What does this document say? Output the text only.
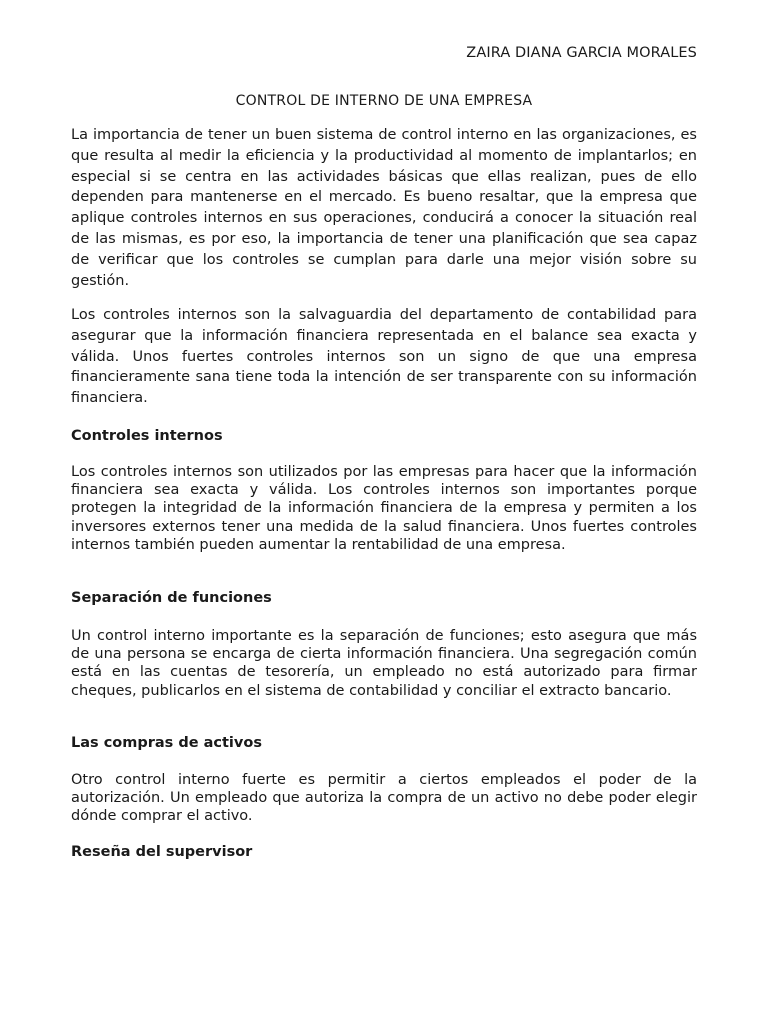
ZAIRA DIANA GARCIA MORALES
CONTROL DE INTERNO DE UNA EMPRESA

La importancia de tener un buen sistema de control interno en las organizaciones, es que resulta al medir la eficiencia y la productividad al momento de implantarlos; en especial si se centra en las actividades básicas que ellas realizan, pues de ello dependen para mantenerse en el mercado. Es bueno resaltar, que la empresa que aplique controles internos en sus operaciones, conducirá a conocer la situación real de las mismas, es por eso, la importancia de tener una planificación que sea capaz de verificar que los controles se cumplan para darle una mejor visión sobre su gestión.

Los controles internos son la salvaguardia del departamento de contabilidad para asegurar que la información financiera representada en el balance sea exacta y válida. Unos fuertes controles internos son un signo de que una empresa financieramente sana tiene toda la intención de ser transparente con su información financiera.

Controles internos

Los controles internos son utilizados por las empresas para hacer que la información financiera sea exacta y válida. Los controles internos son importantes porque protegen la integridad de la información financiera de la empresa y permiten a los inversores externos tener una medida de la salud financiera. Unos fuertes controles internos también pueden aumentar la rentabilidad de una empresa.

Separación de funciones

Un control interno importante es la separación de funciones; esto asegura que más de una persona se encarga de cierta información financiera. Una segregación común está en las cuentas de tesorería, un empleado no está autorizado para firmar cheques, publicarlos en el sistema de contabilidad y conciliar el extracto bancario.

Las compras de activos

Otro control interno fuerte es permitir a ciertos empleados el poder de la autorización. Un empleado que autoriza la compra de un activo no debe poder elegir dónde comprar el activo.

Reseña del supervisor
